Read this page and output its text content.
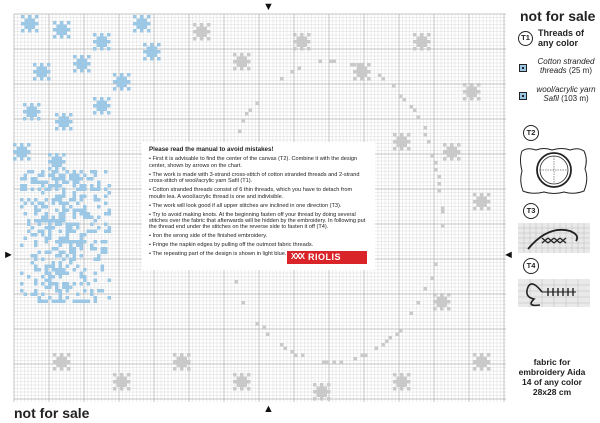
not for sale
not for sale
▼
▲
►	◄
Please read the manual to avoid mistakes!

• First it is advisable to find the center of the canvas (T2). Combine it with the design center, shown by arrows on the chart.

• The work is made with 3-strand cross-stitch of cotton stranded threads and 2-strand cross-stitch of wool/acrylic yarn Safil (T1).

• Cotton stranded threads consist of 6 thin threads, which you have to detach from moulin lea. A wool/acrylic thread is one and indivisible.

• The work will look good if all upper stitches are inclined in one direction (T3).

• Try to avoid making knots. At the beginning fasten off your thread by doing several stitches over the fabric that afterwards will be hidden by the embroidery. In following put the thread end under the stitches on the reverse side to fasten it off (T4).

• Iron the wrong side of the finished embroidery.

• Fringe the napkin edges by pulling off the outmost fabric threads.

• The repeating part of the design is shown in light blue. XXX RIOLIS
T1 Threads of any color
Cotton stranded threads (25 m)
wool/acrylic yarn Safil (103 m)
T2
T3
T4
fabric for embroidery Aida 14 of any color 28x28 cm
